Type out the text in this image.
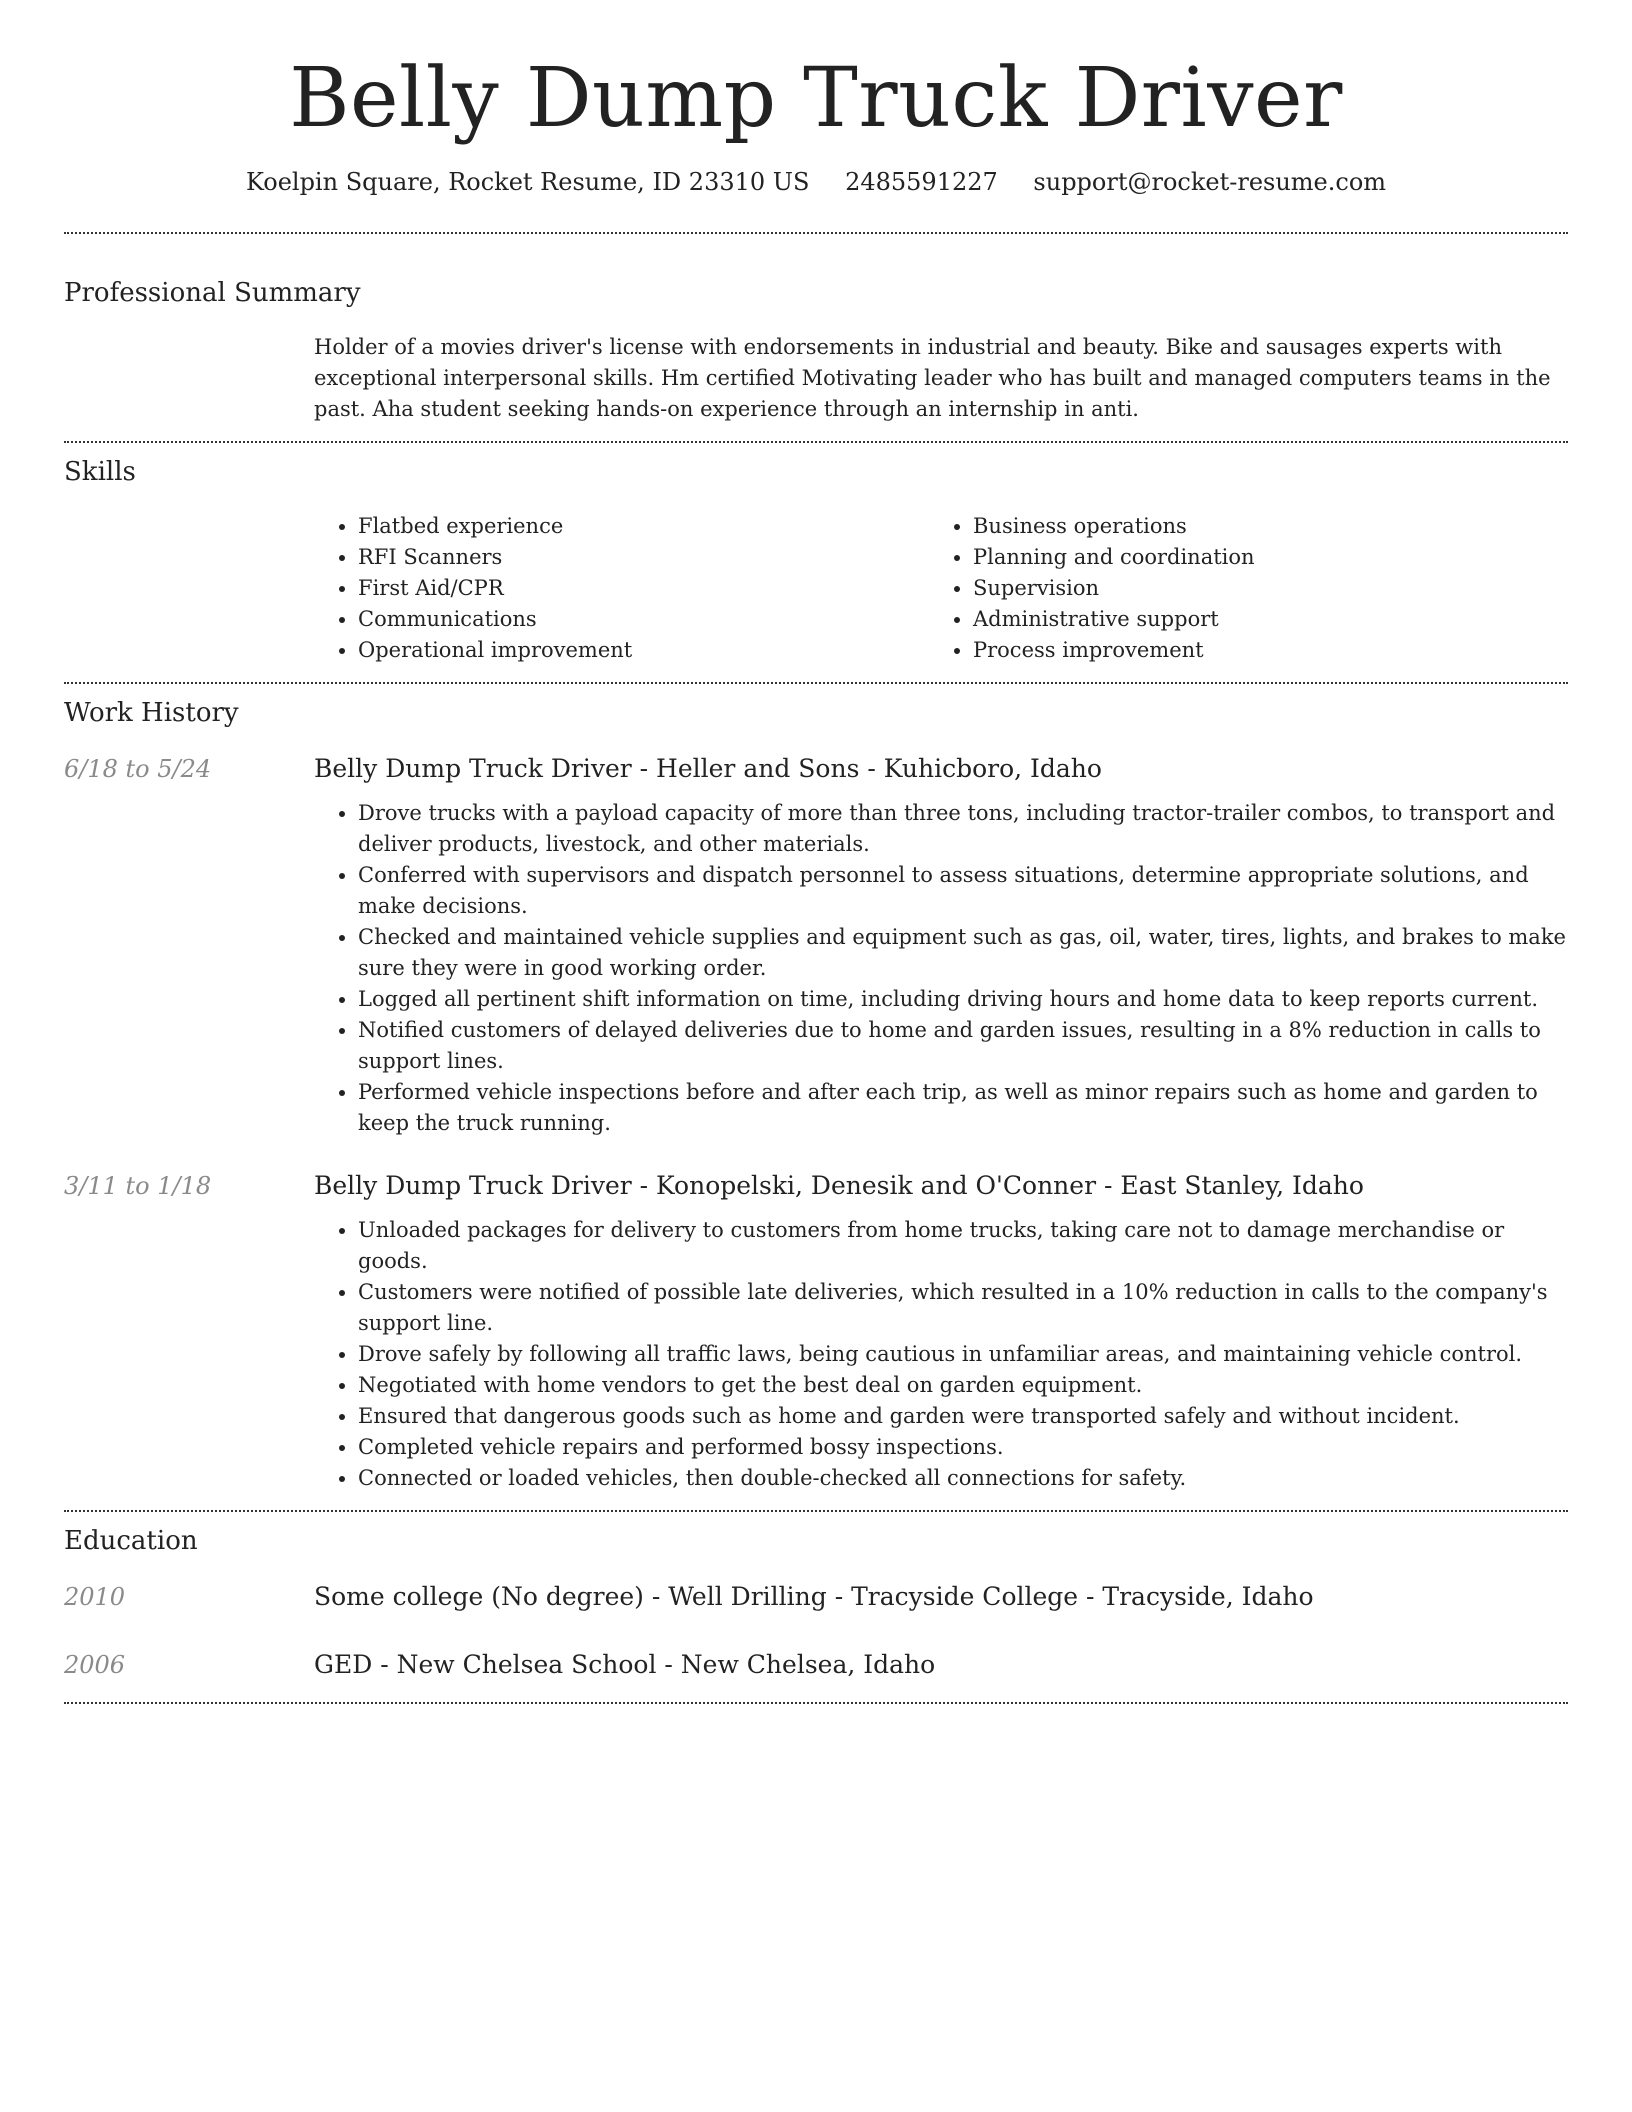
Belly Dump Truck Driver
Koelpin Square, Rocket Resume, ID 23310 US 2485591227 support@rocket-resume.com
Professional Summary

Holder of a movies driver's license with endorsements in industrial and beauty. Bike and sausages experts with exceptional interpersonal skills. Hm certified Motivating leader who has built and managed computers teams in the past. Aha student seeking hands-on experience through an internship in anti.

Skills
• Flatbed experience
• RFI Scanners
• First Aid/CPR
• Communications
• Operational improvement
• Business operations
• Planning and coordination
• Supervision
• Administrative support
• Process improvement
Work History
6/18 to 5/24	Belly Dump Truck Driver - Heller and Sons - Kuhicboro, Idaho
• Drove trucks with a payload capacity of more than three tons, including tractor-trailer combos, to transport and deliver products, livestock, and other materials.
• Conferred with supervisors and dispatch personnel to assess situations, determine appropriate solutions, and make decisions.
• Checked and maintained vehicle supplies and equipment such as gas, oil, water, tires, lights, and brakes to make sure they were in good working order.
• Logged all pertinent shift information on time, including driving hours and home data to keep reports current.
• Notified customers of delayed deliveries due to home and garden issues, resulting in a 8% reduction in calls to support lines.
• Performed vehicle inspections before and after each trip, as well as minor repairs such as home and garden to keep the truck running.
3/11 to 1/18	Belly Dump Truck Driver - Konopelski, Denesik and O'Conner - East Stanley, Idaho
• Unloaded packages for delivery to customers from home trucks, taking care not to damage merchandise or goods.
• Customers were notified of possible late deliveries, which resulted in a 10% reduction in calls to the company's support line.
• Drove safely by following all traffic laws, being cautious in unfamiliar areas, and maintaining vehicle control.
• Negotiated with home vendors to get the best deal on garden equipment.
• Ensured that dangerous goods such as home and garden were transported safely and without incident.
• Completed vehicle repairs and performed bossy inspections.
• Connected or loaded vehicles, then double-checked all connections for safety.
Education
2010	Some college (No degree) - Well Drilling - Tracyside College - Tracyside, Idaho
2006	GED - New Chelsea School - New Chelsea, Idaho
